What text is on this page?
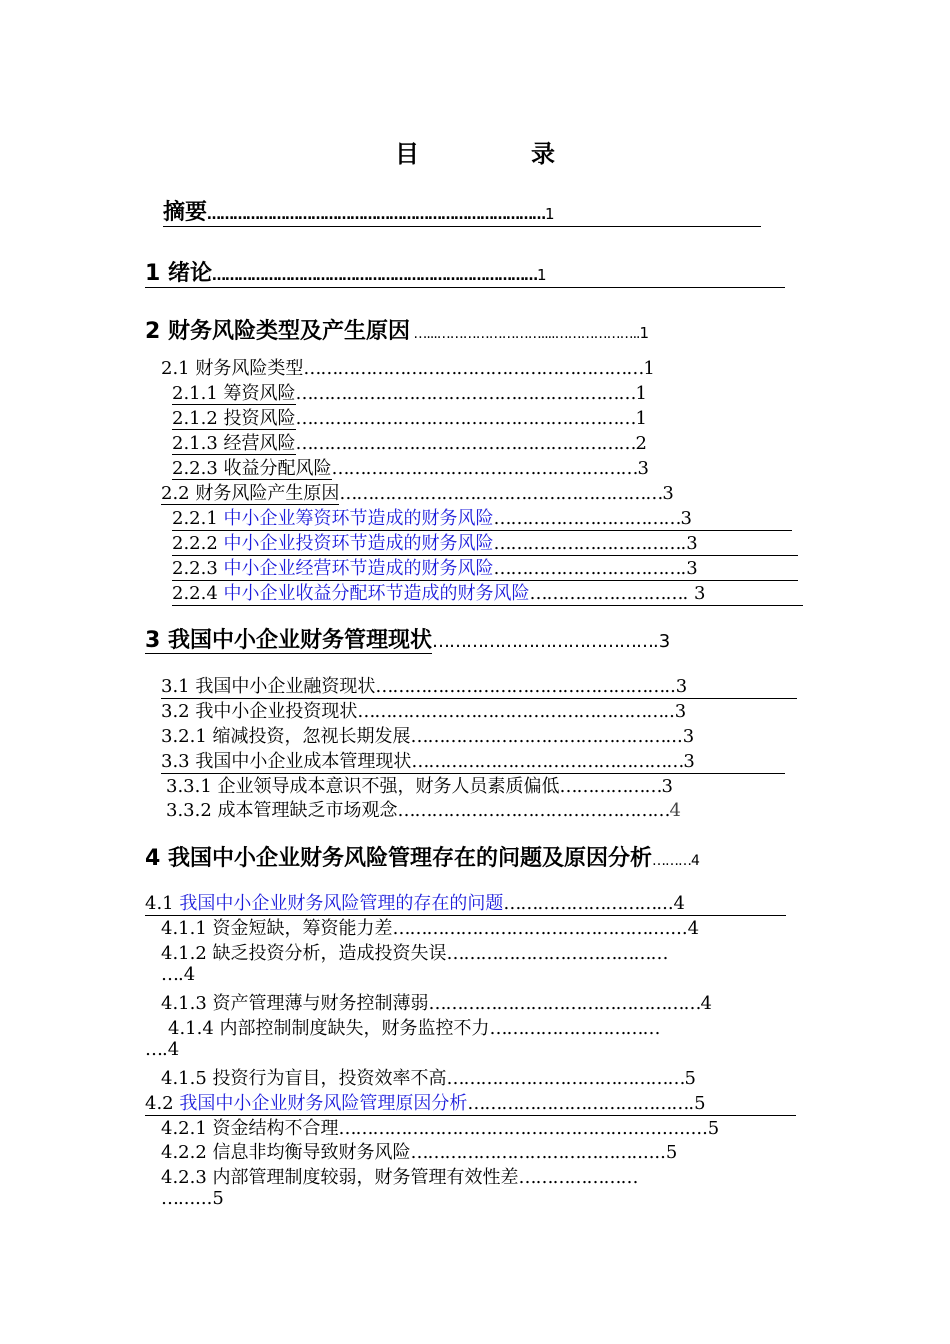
目　录
摘要……………………………………………………………………1
1 绪论…………………………………………………………………1
2 财务风险类型及产生原因 …...……………………....………………..1
2.1 财务风险类型……………………………………………………1
2.1.1 筹资风险……………………………………………………1
2.1.2 投资风险……………………………………………………1
2.1.3 经营风险……………………………………………………2
2.2.3 收益分配风险………………………………………………3
2.2 财务风险产生原因…………………………………………………3
2.2.1 中小企业筹资环节造成的财务风险……………………………3
2.2.2 中小企业投资环节造成的财务风险…………………………….3
2.2.3 中小企业经营环节造成的财务风险…………………………….3
2.2.4 中小企业收益分配环节造成的财务风险………………………. 3
3 我国中小企业财务管理现状………………………………….3
3.1 我国中小企业融资现状……………………………………………..3
3.2 我中小企业投资现状………………………………………………..3
3.2.1 缩减投资，忽视长期发展………………………………………...3
3.3 我国中小企业成本管理现状…………………………………………3
3.3.1 企业领导成本意识不强，财务人员素质偏低………………3
3.3.2 成本管理缺乏市场观念…………………………………………4
4 我国中小企业财务风险管理存在的问题及原因分析………4
4.1 我国中小企业财务风险管理的存在的问题………………………...4
4.1.1 资金短缺，筹资能力差……………………………………….......4
4.1.2 缺乏投资分析，造成投资失误…………………………………
….4
4.1.3 资产管理薄与财务控制薄弱…………………………………………4
4.1.4 内部控制制度缺失，财务监控不力…………………………
….4
4.1.5 投资行为盲目，投资效率不高……………………………………5
4.2 我国中小企业财务风险管理原因分析………………………………….5
4.2.1 资金结构不合理………………………………………….................5
4.2.2 信息非均衡导致财务风险…………………………………......5
4.2.3 内部管理制度较弱，财务管理有效性差…………………
…......5
